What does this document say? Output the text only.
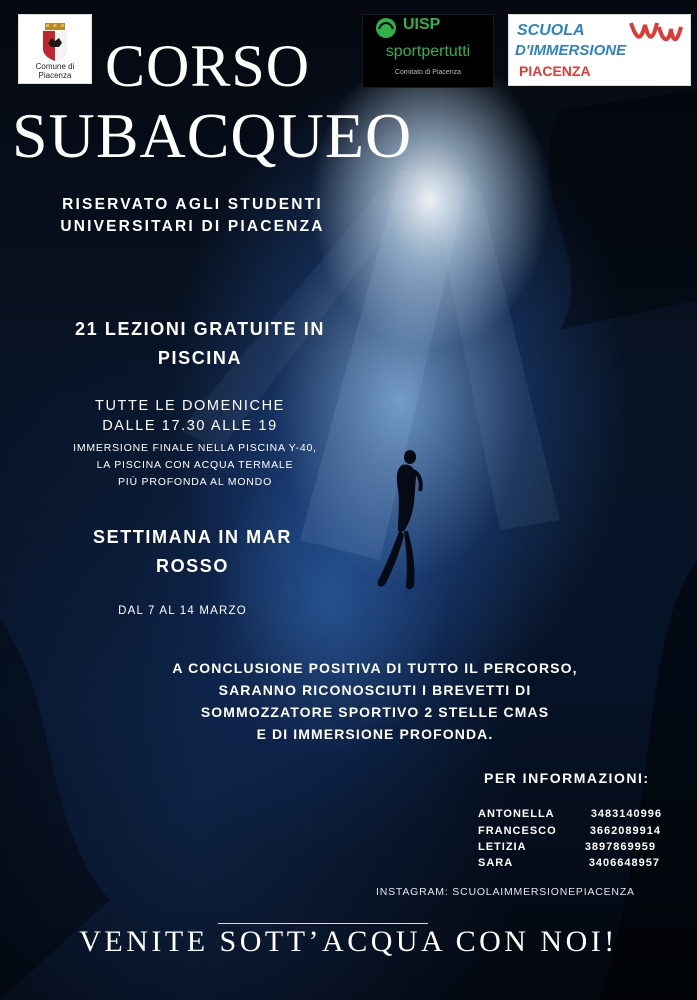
Comune di Piacenza
UISP
sportpertutti
Comitato di Piacenza
SCUOLA
D'IMMERSIONE
PIACENZA
CORSO
SUBACQUEO
RISERVATO AGLI STUDENTI
UNIVERSITARI DI PIACENZA
21 LEZIONI GRATUITE IN
PISCINA
TUTTE LE DOMENICHE
DALLE 17.30 ALLE 19
IMMERSIONE FINALE NELLA PISCINA Y-40,
LA PISCINA CON ACQUA TERMALE
PIÙ PROFONDA AL MONDO
SETTIMANA IN MAR
ROSSO
DAL 7 AL 14 MARZO
A CONCLUSIONE POSITIVA DI TUTTO IL PERCORSO,
SARANNO RICONOSCIUTI I BREVETTI DI
SOMMOZZATORE SPORTIVO 2 STELLE CMAS
E DI IMMERSIONE PROFONDA.
PER INFORMAZIONI:
ANTONELLA	3483140996
FRANCESCO	3662089914
LETIZIA	3897869959
SARA	3406648957
INSTAGRAM: SCUOLAIMMERSIONEPIACENZA
VENITE SOTT’ACQUA CON NOI!
